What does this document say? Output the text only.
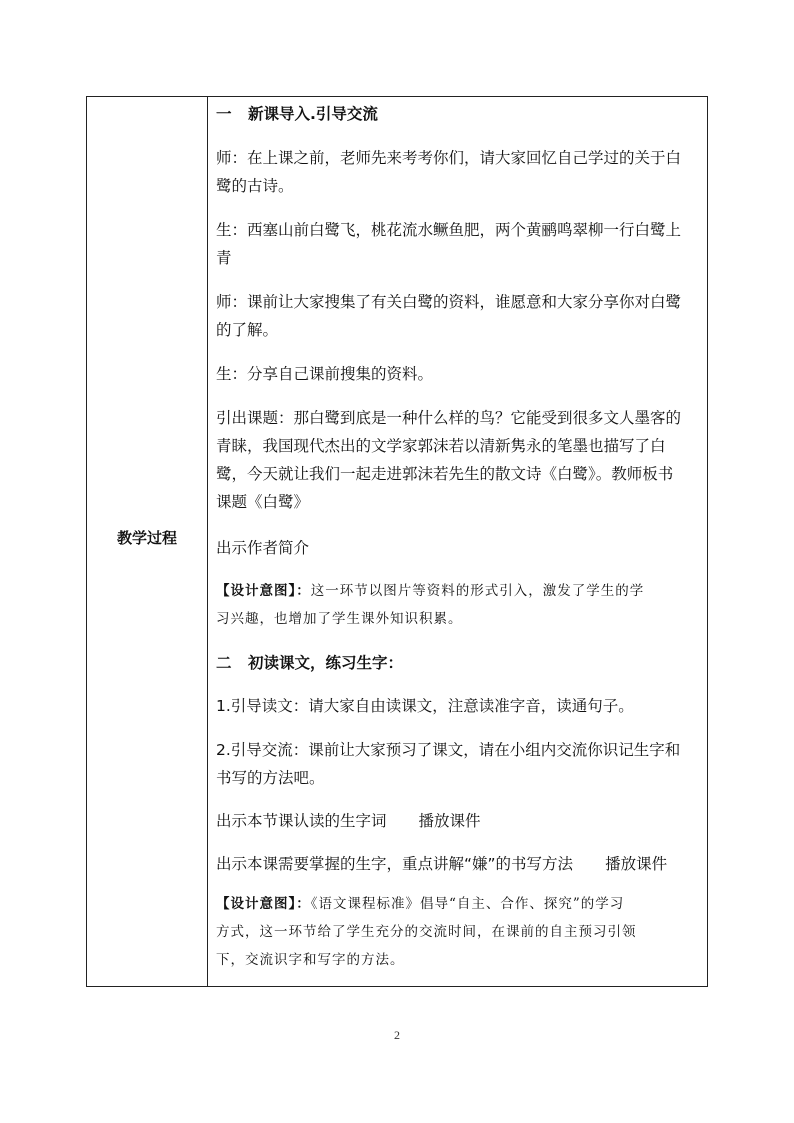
教学过程
一 新课导入.引导交流
师：在上课之前，老师先来考考你们，请大家回忆自己学过的关于白
鹭的古诗。
生：西塞山前白鹭飞，桃花流水鳜鱼肥，两个黄鹂鸣翠柳一行白鹭上
青
师：课前让大家搜集了有关白鹭的资料，谁愿意和大家分享你对白鹭
的了解。
生：分享自己课前搜集的资料。
引出课题：那白鹭到底是一种什么样的鸟？它能受到很多文人墨客的
青睐，我国现代杰出的文学家郭沫若以清新隽永的笔墨也描写了白
鹭，今天就让我们一起走进郭沫若先生的散文诗《白鹭》。教师板书
课题《白鹭》
出示作者简介
【设计意图】：这一环节以图片等资料的形式引入，激发了学生的学
习兴趣，也增加了学生课外知识积累。
二 初读课文，练习生字：
1.引导读文：请大家自由读课文，注意读准字音，读通句子。
2.引导交流：课前让大家预习了课文，请在小组内交流你识记生字和
书写的方法吧。
出示本节课认读的生字词 播放课件
出示本课需要掌握的生字，重点讲解“嫌”的书写方法 播放课件
【设计意图】：《语文课程标准》倡导“自主、合作、探究”的学习
方式，这一环节给了学生充分的交流时间，在课前的自主预习引领
下，交流识字和写字的方法。
2
